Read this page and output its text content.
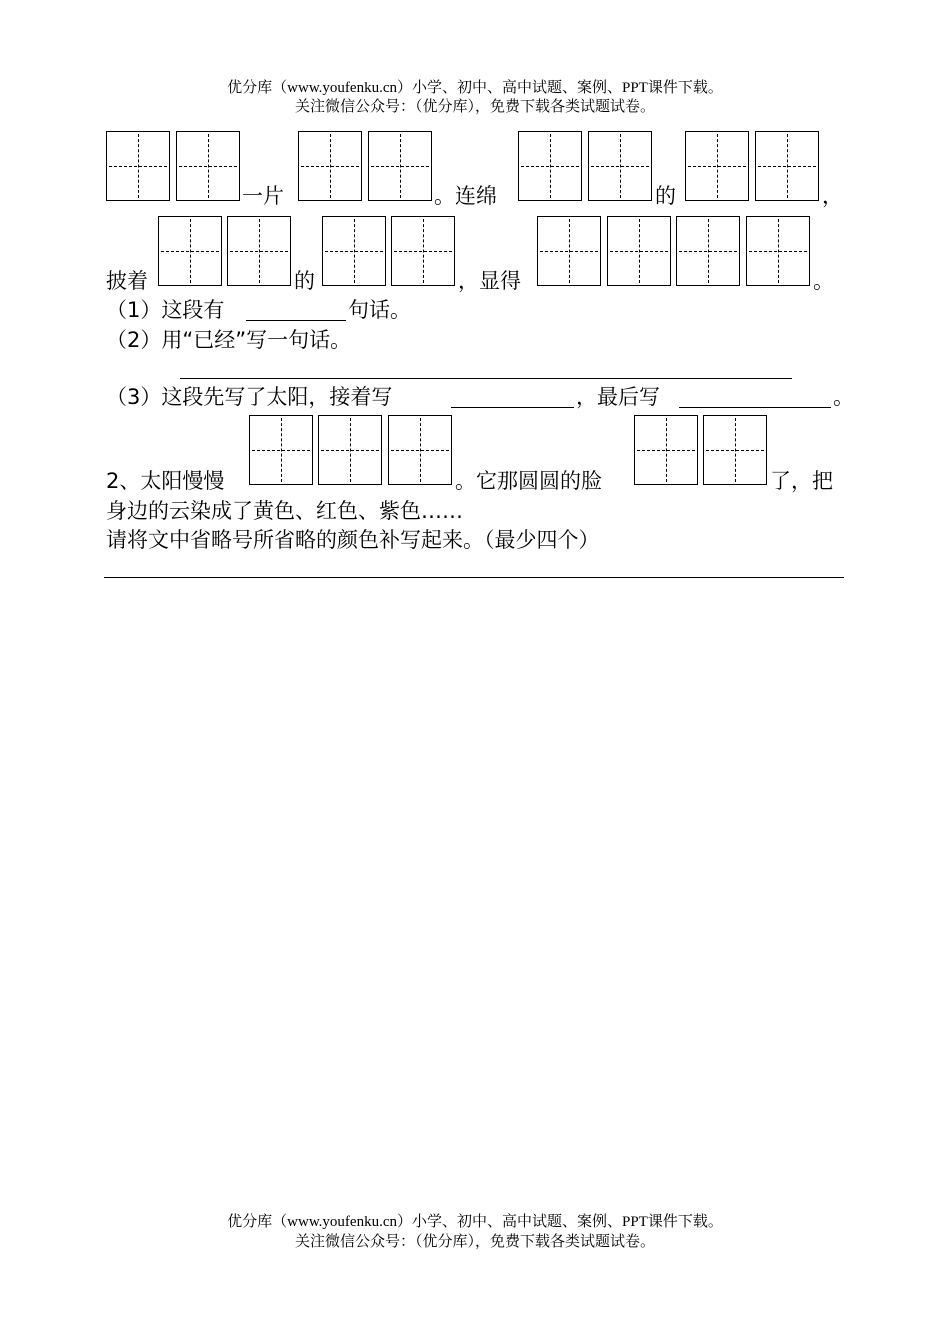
优分库（www.youfenku.cn）小学、初中、高中试题、案例、PPT课件下载。
关注微信公众号：（优分库），免费下载各类试题试卷。
一片	。连绵	的	，
披着	的	，显得	。
（1）这段有	句话。
（2）用“已经”写一句话。
（3）这段先写了太阳，接着写	，最后写	。
2、太阳慢慢	。它那圆圆的脸	了，把
身边的云染成了黄色、红色、紫色……
请将文中省略号所省略的颜色补写起来。（最少四个）
优分库（www.youfenku.cn）小学、初中、高中试题、案例、PPT课件下载。
关注微信公众号：（优分库），免费下载各类试题试卷。
